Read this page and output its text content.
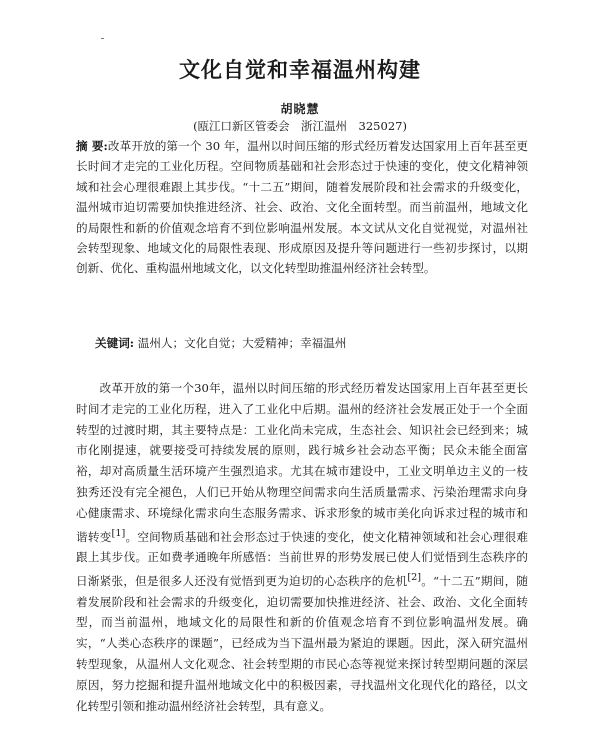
文化自觉和幸福温州构建
胡晓慧
(瓯江口新区管委会　浙江温州　325027)

摘 要:改革开放的第一个 30 年，温州以时间压缩的形式经历着发达国家用上百年甚至更长时间才走完的工业化历程。空间物质基础和社会形态过于快速的变化，使文化精神领域和社会心理很难跟上其步伐。“十二五”期间，随着发展阶段和社会需求的升级变化，温州城市迫切需要加快推进经济、社会、政治、文化全面转型。而当前温州，地域文化的局限性和新的价值观念培育不到位影响温州发展。本文试从文化自觉视觉，对温州社会转型现象、地域文化的局限性表现、形成原因及提升等问题进行一些初步探讨，以期创新、优化、重构温州地域文化，以文化转型助推温州经济社会转型。

关键词: 温州人；文化自觉；大爱精神；幸福温州

　　改革开放的第一个30年，温州以时间压缩的形式经历着发达国家用上百年甚至更长时间才走完的工业化历程，进入了工业化中后期。温州的经济社会发展正处于一个全面转型的过渡时期，其主要特点是：工业化尚未完成，生态社会、知识社会已经到来；城市化刚提速，就要接受可持续发展的原则，践行城乡社会动态平衡；民众未能全面富裕，却对高质量生活环境产生强烈追求。尤其在城市建设中，工业文明单边主义的一枝独秀还没有完全褪色，人们已开始从物理空间需求向生活质量需求、污染治理需求向身心健康需求、环境绿化需求向生态服务需求、诉求形象的城市美化向诉求过程的城市和谐转变[1]。空间物质基础和社会形态过于快速的变化，使文化精神领域和社会心理很难跟上其步伐。正如费孝通晚年所感悟：当前世界的形势发展已使人们觉悟到生态秩序的日渐紧张，但是很多人还没有觉悟到更为迫切的心态秩序的危机[2]。“十二五”期间，随着发展阶段和社会需求的升级变化，迫切需要加快推进经济、社会、政治、文化全面转型，而当前温州，地域文化的局限性和新的价值观念培育不到位影响温州发展。确实，“人类心态秩序的课题”，已经成为当下温州最为紧迫的课题。因此，深入研究温州转型现象，从温州人文化观念、社会转型期的市民心态等视觉来探讨转型期问题的深层原因，努力挖掘和提升温州地域文化中的积极因素，寻找温州文化现代化的路径，以文化转型引领和推动温州经济社会转型，具有意义。
